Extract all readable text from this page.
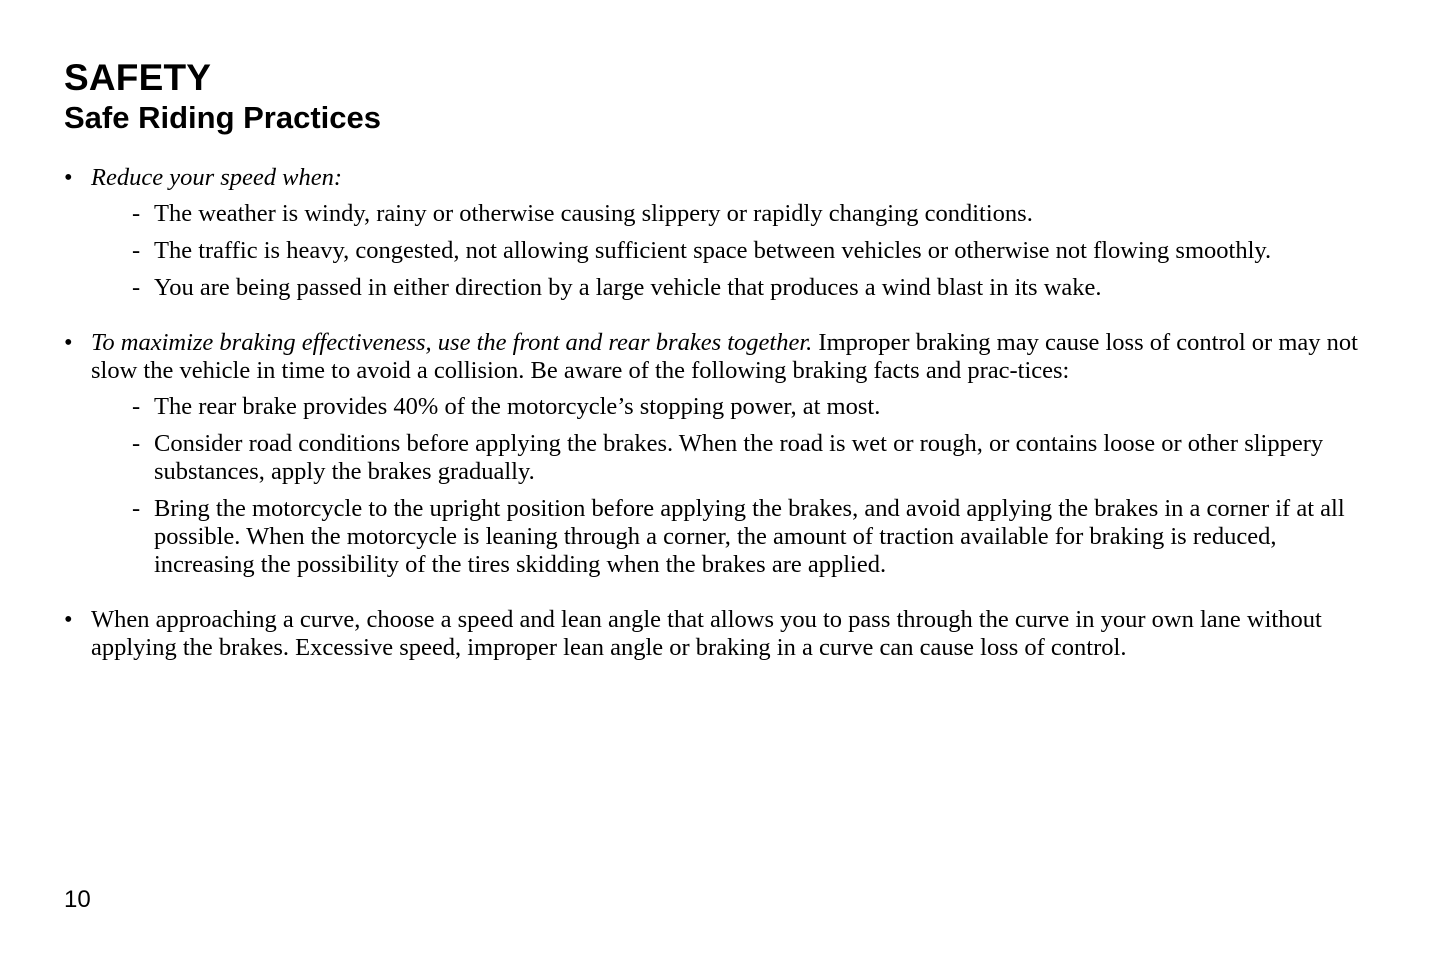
SAFETY
Safe Riding Practices
• Reduce your speed when:
- The weather is windy, rainy or otherwise causing slippery or rapidly changing conditions.
- The traffic is heavy, congested, not allowing sufficient space between vehicles or otherwise not flowing smoothly.
- You are being passed in either direction by a large vehicle that produces a wind blast in its wake.
• To maximize braking effectiveness, use the front and rear brakes together. Improper braking may cause loss of control or may not slow the vehicle in time to avoid a collision. Be aware of the following braking facts and prac-tices:
- The rear brake provides 40% of the motorcycle’s stopping power, at most.
- Consider road conditions before applying the brakes. When the road is wet or rough, or contains loose or other slippery substances, apply the brakes gradually.
- Bring the motorcycle to the upright position before applying the brakes, and avoid applying the brakes in a corner if at all possible. When the motorcycle is leaning through a corner, the amount of traction available for braking is reduced, increasing the possibility of the tires skidding when the brakes are applied.
• When approaching a curve, choose a speed and lean angle that allows you to pass through the curve in your own lane without applying the brakes. Excessive speed, improper lean angle or braking in a curve can cause loss of control.

10
